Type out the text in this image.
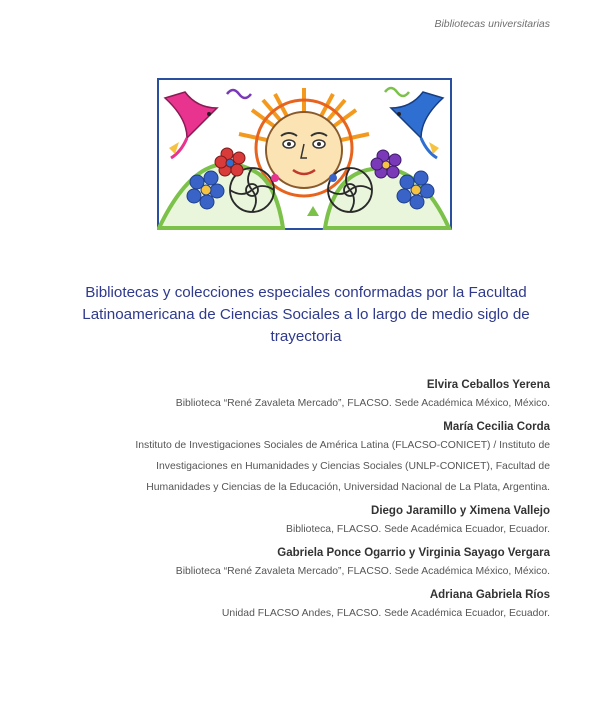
Bibliotecas universitarias
Bibliotecas y colecciones especiales conformadas por la Facultad Latinoamericana de Ciencias Sociales a lo largo de medio siglo de trayectoria
Elvira Ceballos Yerena
Biblioteca “René Zavaleta Mercado”, FLACSO. Sede Académica México, México.
María Cecilia Corda
Instituto de Investigaciones Sociales de América Latina (FLACSO-CONICET) / Instituto de
Investigaciones en Humanidades y Ciencias Sociales (UNLP-CONICET), Facultad de
Humanidades y Ciencias de la Educación, Universidad Nacional de La Plata, Argentina.
Diego Jaramillo y Ximena Vallejo
Biblioteca, FLACSO. Sede Académica Ecuador, Ecuador.
Gabriela Ponce Ogarrio y Virginia Sayago Vergara
Biblioteca “René Zavaleta Mercado”, FLACSO. Sede Académica México, México.
Adriana Gabriela Ríos
Unidad FLACSO Andes, FLACSO. Sede Académica Ecuador, Ecuador.
